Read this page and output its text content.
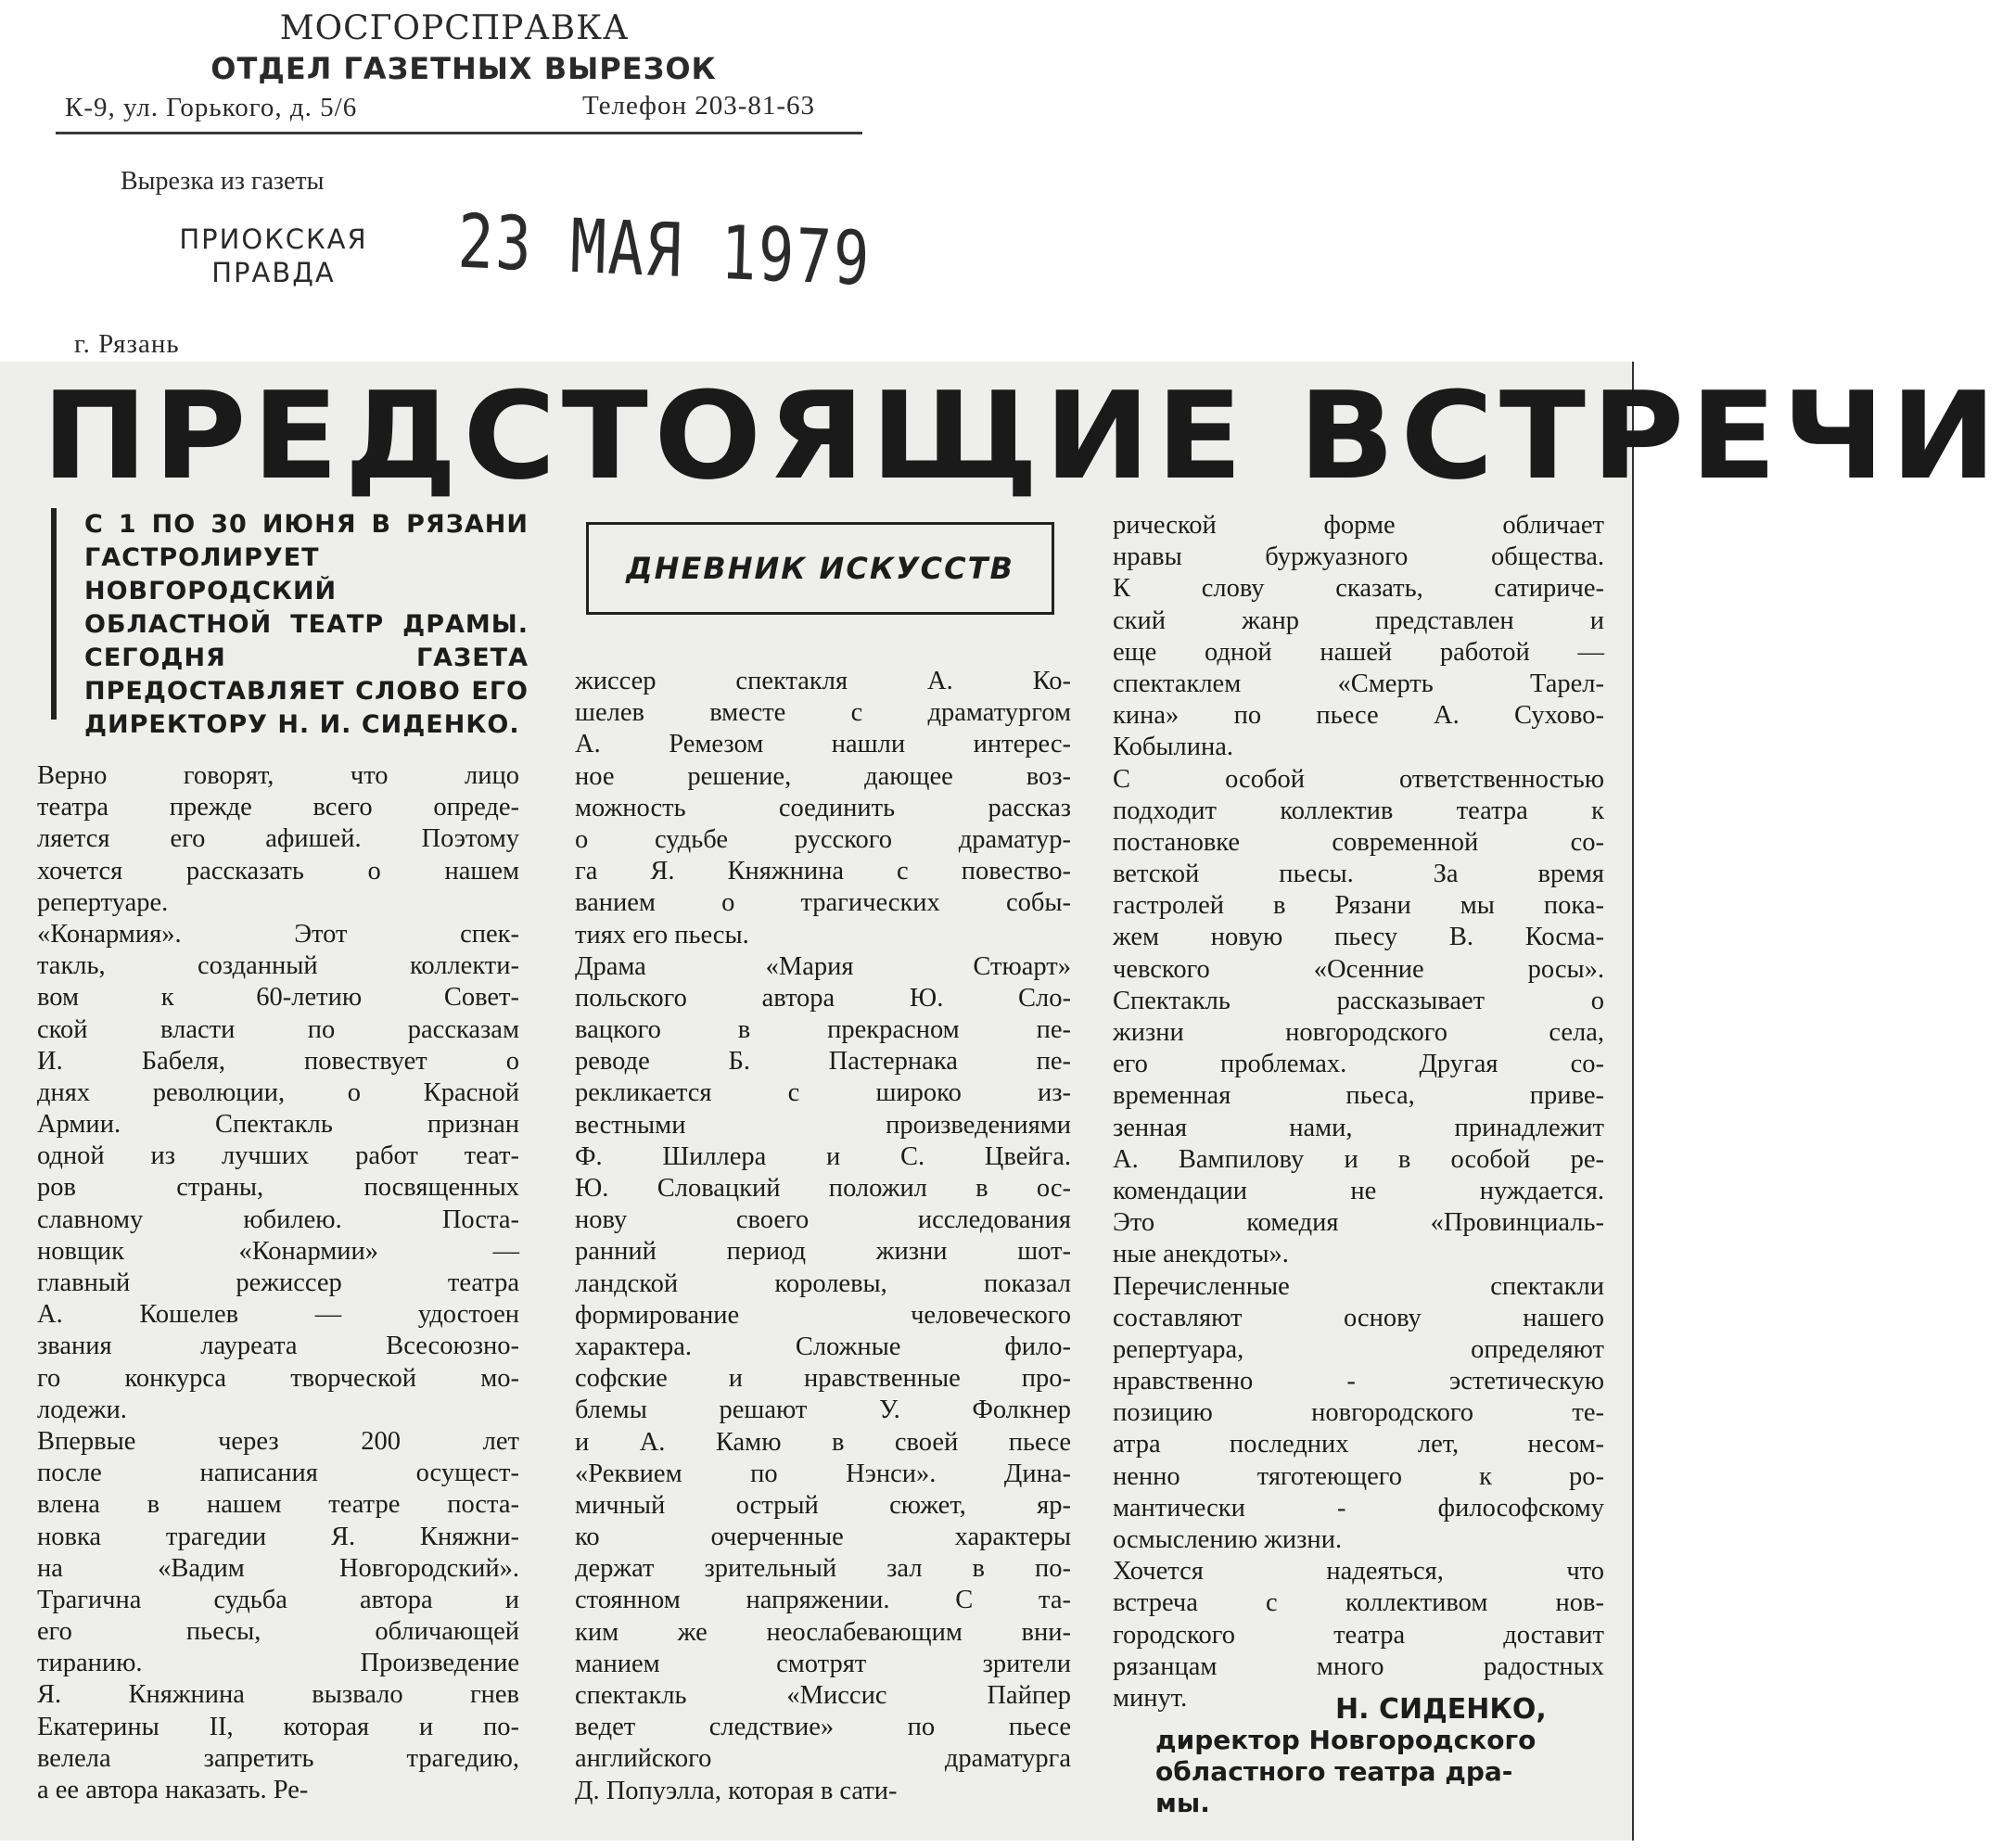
МОСГОРСПРАВКА
ОТДЕЛ ГАЗЕТНЫХ ВЫРЕЗОК
К-9, ул. Горького, д. 5/6	Телефон 203-81-63
Вырезка из газеты
ПРИОКСКАЯ ПРАВДА	23 МАЯ 1979
г. Рязань
ПРЕДСТОЯЩИЕ ВСТРЕЧИ
С 1 ПО 30 ИЮНЯ В РЯЗАНИ ГАСТРОЛИРУЕТ НОВГОРОДСКИЙ ОБЛАСТНОЙ ТЕАТР ДРАМЫ. СЕГОДНЯ ГАЗЕТА ПРЕДОСТАВЛЯЕТ СЛОВО ЕГО ДИРЕКТОРУ Н. И. СИДЕНКО.
ДНЕВНИК ИСКУССТВ
Верно говорят, что лицо
театра прежде всего опреде-
ляется его афишей. Поэтому
хочется рассказать о нашем
репертуаре.
«Конармия». Этот спек-
такль, созданный коллекти-
вом к 60-летию Совет-
ской власти по рассказам
И. Бабеля, повествует о
днях революции, о Красной
Армии. Спектакль признан
одной из лучших работ теат-
ров страны, посвященных
славному юбилею. Поста-
новщик «Конармии» —
главный режиссер театра
А. Кошелев — удостоен
звания лауреата Всесоюзно-
го конкурса творческой мо-
лодежи.
Впервые через 200 лет
после написания осущест-
влена в нашем театре поста-
новка трагедии Я. Княжни-
на «Вадим Новгородский».
Трагична судьба автора и
его пьесы, обличающей
тиранию. Произведение
Я. Княжнина вызвало гнев
Екатерины II, которая и по-
велела запретить трагедию,
а ее автора наказать. Ре-
жиссер спектакля А. Ко-
шелев вместе с драматургом
А. Ремезом нашли интерес-
ное решение, дающее воз-
можность соединить рассказ
о судьбе русского драматур-
га Я. Княжнина с повество-
ванием о трагических собы-
тиях его пьесы.
Драма «Мария Стюарт»
польского автора Ю. Сло-
вацкого в прекрасном пе-
реводе Б. Пастернака пе-
рекликается с широко из-
вестными произведениями
Ф. Шиллера и С. Цвейга.
Ю. Словацкий положил в ос-
нову своего исследования
ранний период жизни шот-
ландской королевы, показал
формирование человеческого
характера. Сложные фило-
софские и нравственные про-
блемы решают У. Фолкнер
и А. Камю в своей пьесе
«Реквием по Нэнси». Дина-
мичный острый сюжет, яр-
ко очерченные характеры
держат зрительный зал в по-
стоянном напряжении. С та-
ким же неослабевающим вни-
манием смотрят зрители
спектакль «Миссис Пайпер
ведет следствие» по пьесе
английского драматурга
Д. Попуэлла, которая в сати-
рической форме обличает
нравы буржуазного общества.
К слову сказать, сатириче-
ский жанр представлен и
еще одной нашей работой —
спектаклем «Смерть Тарел-
кина» по пьесе А. Сухово-
Кобылина.
С особой ответственностью
подходит коллектив театра к
постановке современной со-
ветской пьесы. За время
гастролей в Рязани мы пока-
жем новую пьесу В. Косма-
чевского «Осенние росы».
Спектакль рассказывает о
жизни новгородского села,
его проблемах. Другая со-
временная пьеса, приве-
зенная нами, принадлежит
А. Вампилову и в особой ре-
комендации не нуждается.
Это комедия «Провинциаль-
ные анекдоты».
Перечисленные спектакли
составляют основу нашего
репертуара, определяют
нравственно - эстетическую
позицию новгородского те-
атра последних лет, несом-
ненно тяготеющего к ро-
мантически - философскому
осмыслению жизни.
Хочется надеяться, что
встреча с коллективом нов-
городского театра доставит
рязанцам много радостных
минут.	Н. СИДЕНКО,
директор Новгородского
областного театра дра-
мы.
